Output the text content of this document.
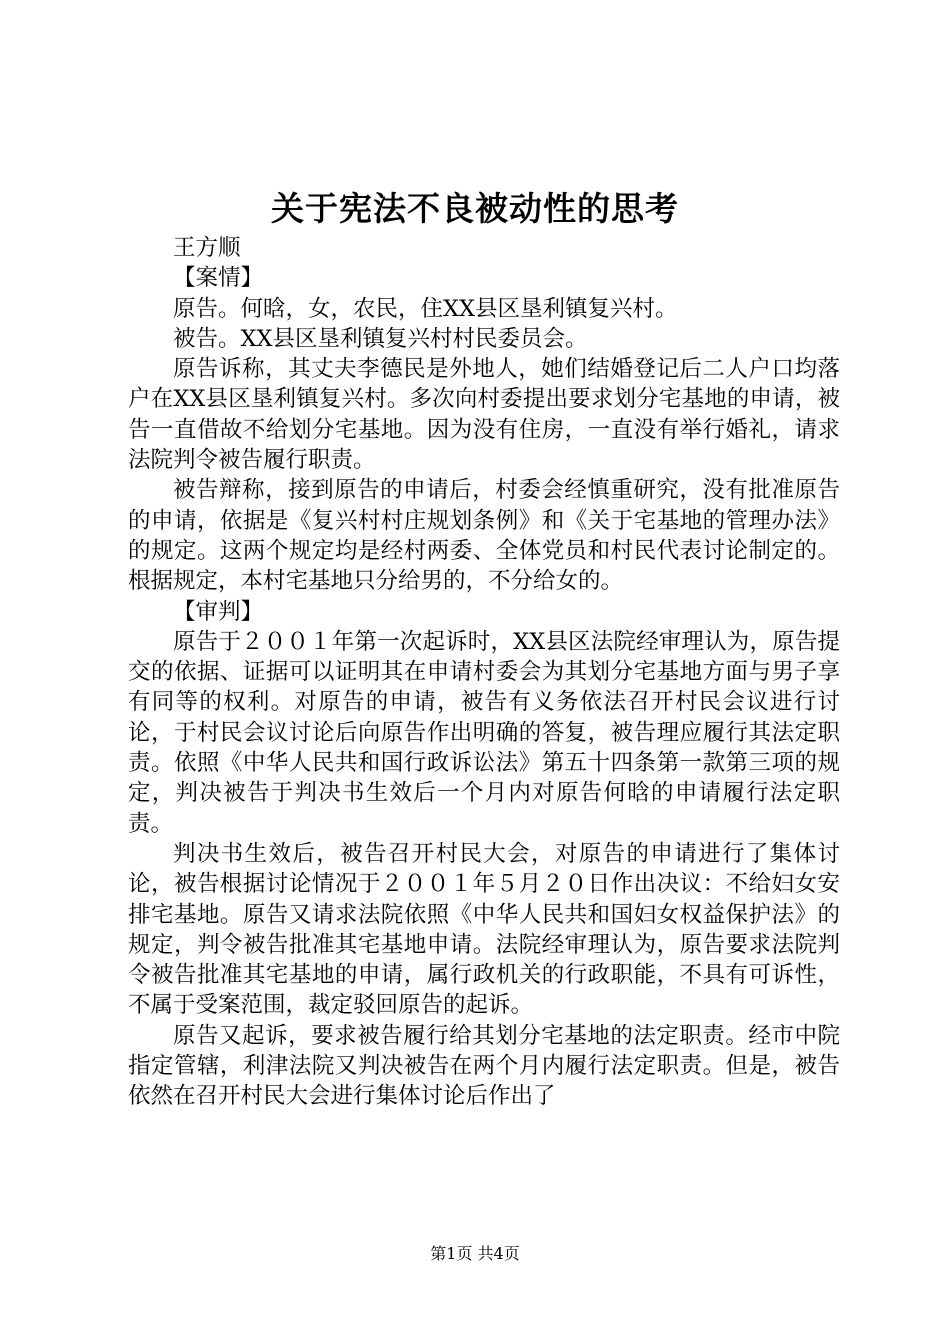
关于宪法不良被动性的思考

王方顺

【案情】

原告。何晗，女，农民，住XX县区垦利镇复兴村。

被告。XX县区垦利镇复兴村村民委员会。

原告诉称，其丈夫李德民是外地人，她们结婚登记后二人户口均落户在XX县区垦利镇复兴村。多次向村委提出要求划分宅基地的申请，被告一直借故不给划分宅基地。因为没有住房，一直没有举行婚礼，请求法院判令被告履行职责。

被告辩称，接到原告的申请后，村委会经慎重研究，没有批准原告的申请，依据是《复兴村村庄规划条例》和《关于宅基地的管理办法》的规定。这两个规定均是经村两委、全体党员和村民代表讨论制定的。根据规定，本村宅基地只分给男的，不分给女的。

【审判】

原告于２００１年第一次起诉时，XX县区法院经审理认为，原告提交的依据、证据可以证明其在申请村委会为其划分宅基地方面与男子享有同等的权利。对原告的申请，被告有义务依法召开村民会议进行讨论，于村民会议讨论后向原告作出明确的答复，被告理应履行其法定职责。依照《中华人民共和国行政诉讼法》第五十四条第一款第三项的规定，判决被告于判决书生效后一个月内对原告何晗的申请履行法定职责。

判决书生效后，被告召开村民大会，对原告的申请进行了集体讨论，被告根据讨论情况于２００１年５月２０日作出决议：不给妇女安排宅基地。原告又请求法院依照《中华人民共和国妇女权益保护法》的规定，判令被告批准其宅基地申请。法院经审理认为，原告要求法院判令被告批准其宅基地的申请，属行政机关的行政职能，不具有可诉性，不属于受案范围，裁定驳回原告的起诉。

原告又起诉，要求被告履行给其划分宅基地的法定职责。经市中院指定管辖，利津法院又判决被告在两个月内履行法定职责。但是，被告依然在召开村民大会进行集体讨论后作出了

第1页 共4页
